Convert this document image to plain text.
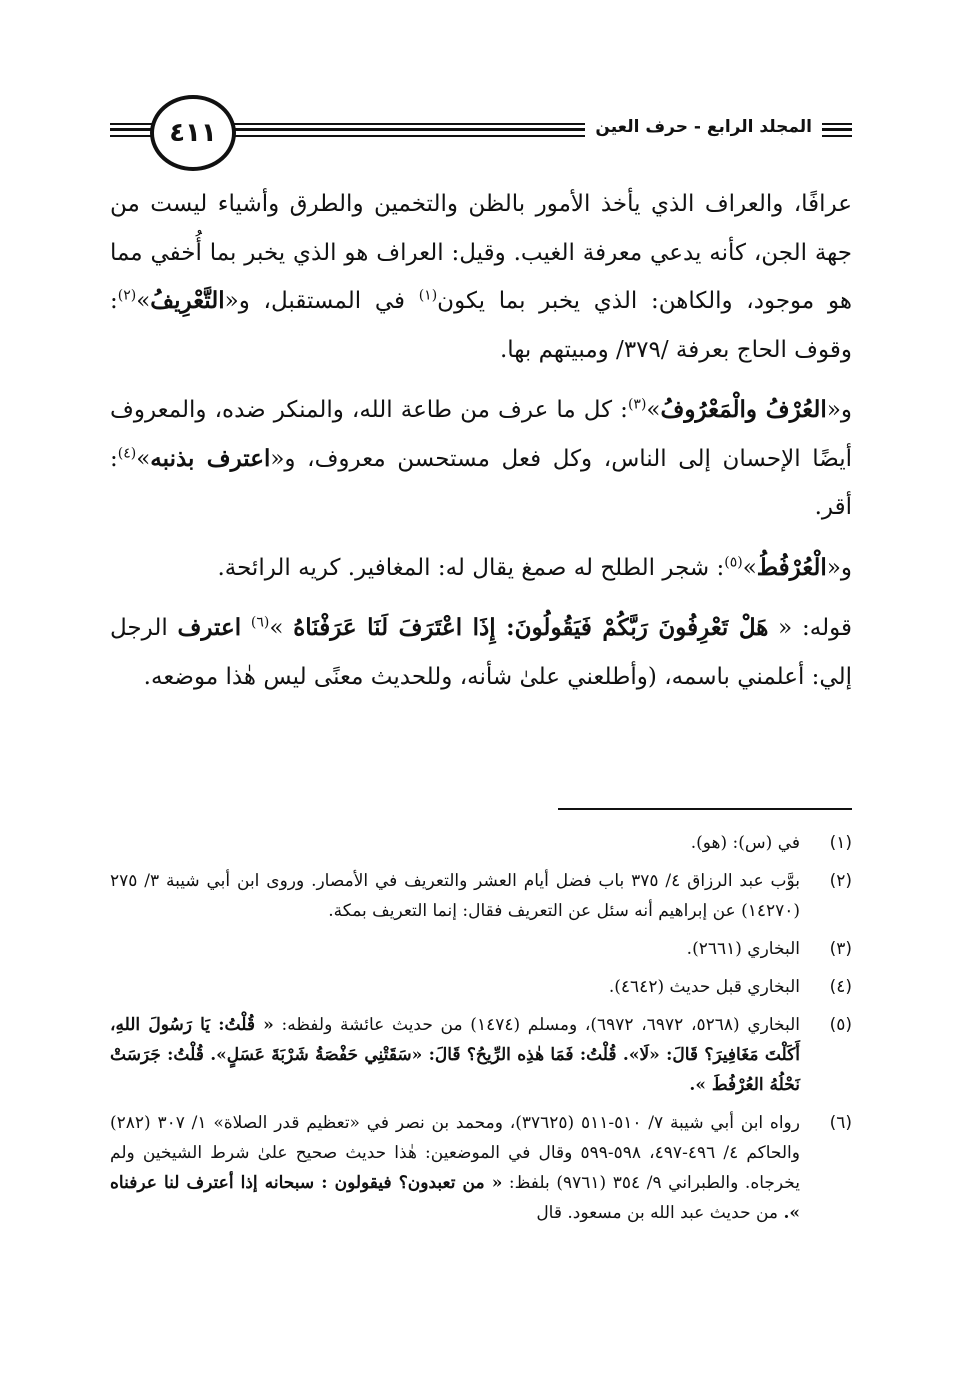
٤١١	المجلد الرابع - حرف العين

عرافًا، والعراف الذي يأخذ الأمور بالظن والتخمين والطرق وأشياء ليست من جهة الجن، كأنه يدعي معرفة الغيب. وقيل: العراف هو الذي يخبر بما أُخفي مما هو موجود، والكاهن: الذي يخبر بما يكون$^{(١)}$ في المستقبل، و«التَّعْرِيفُ»$^{(٢)}$: وقوف الحاج بعرفة /٣٧٩/ ومبيتهم بها.

و«العُرْفُ والْمَعْرُوفُ»$^{(٣)}$: كل ما عرف من طاعة الله، والمنكر ضده، والمعروف أيضًا الإحسان إلى الناس، وكل فعل مستحسن معروف، و«اعترف بذنبه»$^{(٤)}$: أقر.

و«الْعُرْفُطُ»$^{(٥)}$: شجر الطلح له صمغ يقال له: المغافير. كريه الرائحة.

قوله: « هَلْ تَعْرِفُونَ رَبَّكُمْ فَيَقُولُونَ: إِذَا اعْتَرَفَ لَنَا عَرَفْنَاهُ »$^{(٦)}$ اعترف الرجل إلي: أعلمني باسمه، (وأطلعني علىٰ شأنه، وللحديث معنًى ليس هٰذا موضعه.

(١)
في (س): (هو).
(٢)
بوَّب عبد الرزاق ٤/ ٣٧٥ باب فضل أيام العشر والتعريف في الأمصار. وروى ابن أبي شيبة ٣/ ٢٧٥ (١٤٢٧٠) عن إبراهيم أنه سئل عن التعريف فقال: إنما التعريف بمكة.
(٣)
البخاري (٢٦٦١).
(٤)
البخاري قبل حديث (٤٦٤٢).
(٥)
البخاري (٥٢٦٨، ٦٩٧٢، ٦٩٧٢)، ومسلم (١٤٧٤) من حديث عائشة ولفظه: « قُلْتُ: يَا رَسُولَ اللهِ، أَكَلْتَ مَغَافِيرَ؟ قَالَ: «لَا». قُلْتُ: فَمَا هٰذِه الرِّيحُ؟ قَالَ: «سَقَتْنِي حَفْصَةُ شَرْبَةَ عَسَلٍ». قُلْتُ: جَرَسَتْ نَحْلُهُ العُرْفُطَ ».
(٦)
رواه ابن أبي شيبة ٧/ ٥١٠-٥١١ (٣٧٦٢٥)، ومحمد بن نصر في «تعظيم قدر الصلاة» ١/ ٣٠٧ (٢٨٢) والحاكم ٤/ ٤٩٦-٤٩٧، ٥٩٨-٥٩٩ وقال في الموضعين: هٰذا حديث صحيح علىٰ شرط الشيخين ولم يخرجاه. والطبراني ٩/ ٣٥٤ (٩٧٦١) بلفظ: « من تعبدون؟ فيقولون : سبحانه إذا أعترف لنا عرفناه ». من حديث عبد الله بن مسعود. قال
